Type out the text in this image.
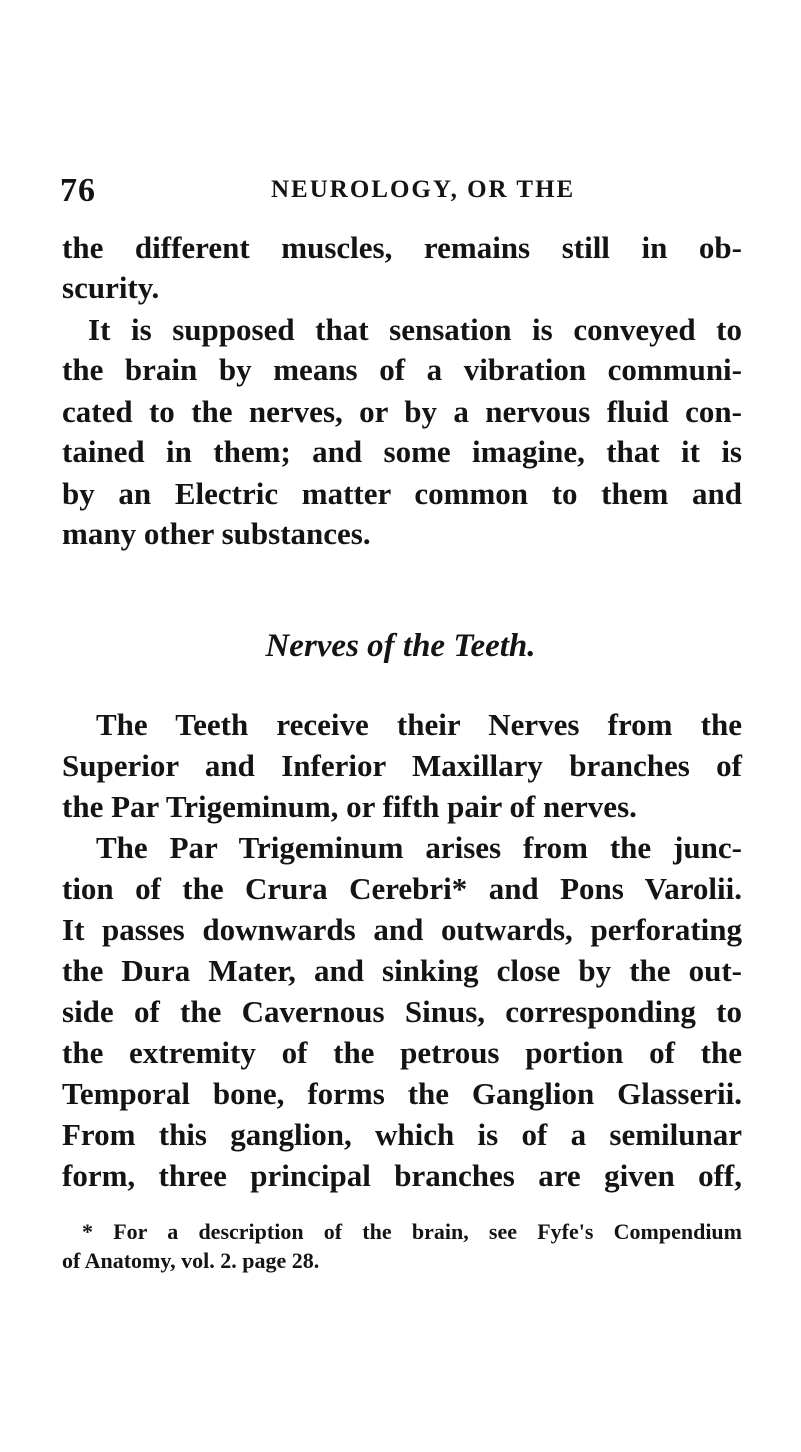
76	NEUROLOGY, OR THE
the different muscles, remains still in ob-
scurity.
It is supposed that sensation is conveyed to
the brain by means of a vibration communi-
cated to the nerves, or by a nervous fluid con-
tained in them; and some imagine, that it is
by an Electric matter common to them and
many other substances.
Nerves of the Teeth.
The Teeth receive their Nerves from the
Superior and Inferior Maxillary branches of
the Par Trigeminum, or fifth pair of nerves.
The Par Trigeminum arises from the junc-
tion of the Crura Cerebri* and Pons Varolii.
It passes downwards and outwards, perforating
the Dura Mater, and sinking close by the out-
side of the Cavernous Sinus, corresponding to
the extremity of the petrous portion of the
Temporal bone, forms the Ganglion Glasserii.
From this ganglion, which is of a semilunar
form, three principal branches are given off,
* For a description of the brain, see Fyfe's Compendium
of Anatomy, vol. 2. page 28.
